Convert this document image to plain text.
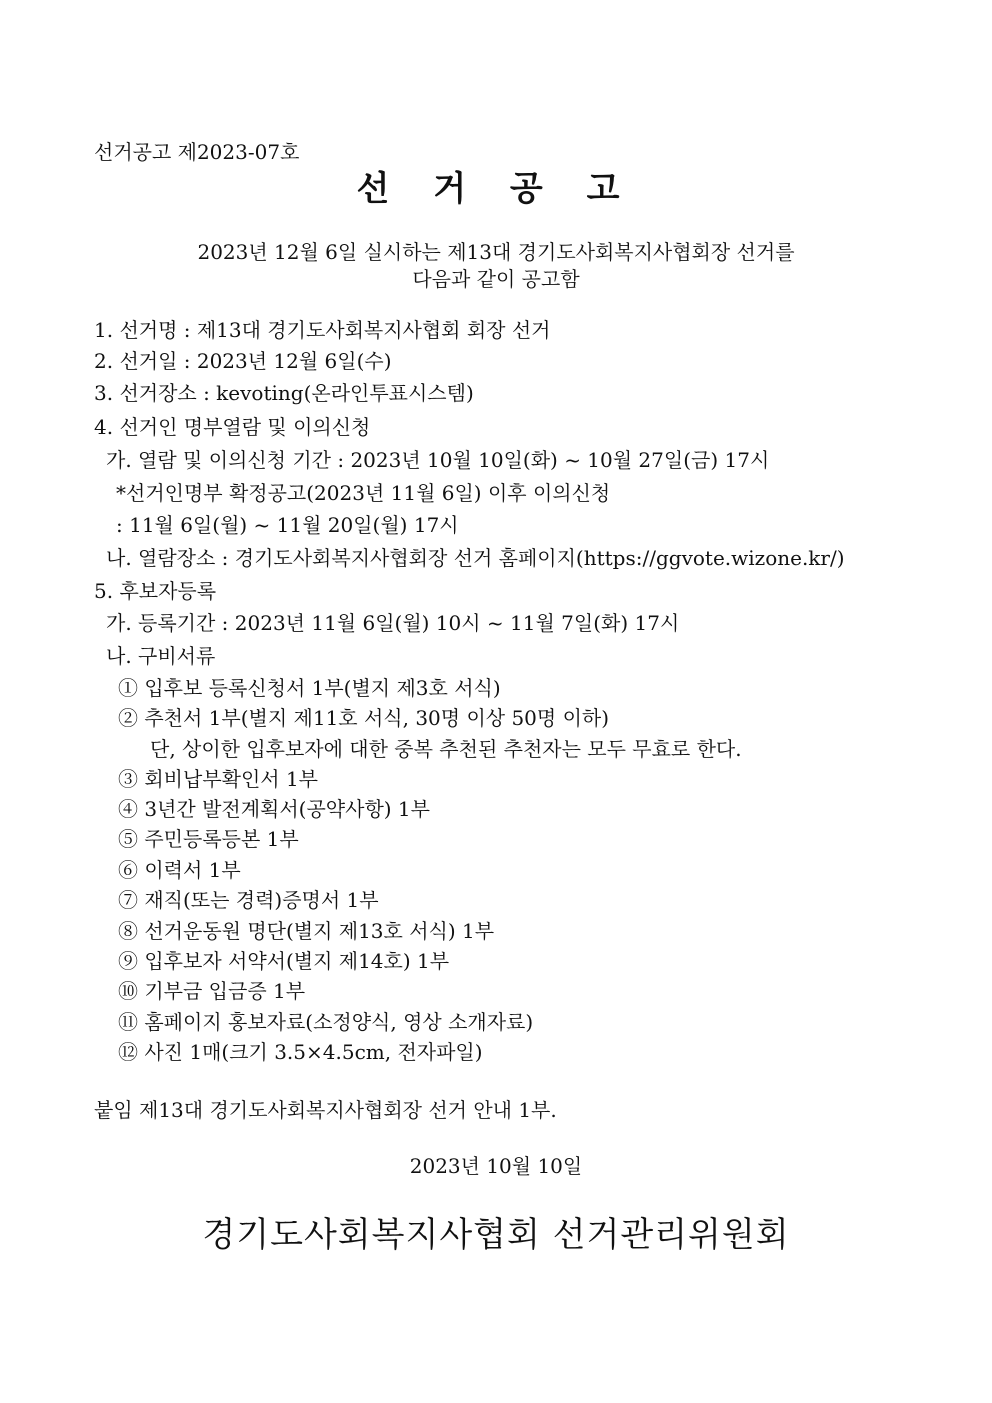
선거공고 제2023-07호
선 거 공 고
2023년 12월 6일 실시하는 제13대 경기도사회복지사협회장 선거를
다음과 같이 공고함
1. 선거명 : 제13대 경기도사회복지사협회 회장 선거
2. 선거일 : 2023년 12월 6일(수)
3. 선거장소 : kevoting(온라인투표시스템)
4. 선거인 명부열람 및 이의신청
가. 열람 및 이의신청 기간 : 2023년 10월 10일(화) ~ 10월 27일(금) 17시
*선거인명부 확정공고(2023년 11월 6일) 이후 이의신청
: 11월 6일(월) ~ 11월 20일(월) 17시
나. 열람장소 : 경기도사회복지사협회장 선거 홈페이지(https://ggvote.wizone.kr/)
5. 후보자등록
가. 등록기간 : 2023년 11월 6일(월) 10시 ~ 11월 7일(화) 17시
나. 구비서류
① 입후보 등록신청서 1부(별지 제3호 서식)
② 추천서 1부(별지 제11호 서식, 30명 이상 50명 이하)
단, 상이한 입후보자에 대한 중복 추천된 추천자는 모두 무효로 한다.
③ 회비납부확인서 1부
④ 3년간 발전계획서(공약사항) 1부
⑤ 주민등록등본 1부
⑥ 이력서 1부
⑦ 재직(또는 경력)증명서 1부
⑧ 선거운동원 명단(별지 제13호 서식) 1부
⑨ 입후보자 서약서(별지 제14호) 1부
⑩ 기부금 입금증 1부
⑪ 홈페이지 홍보자료(소정양식, 영상 소개자료)
⑫ 사진 1매(크기 3.5×4.5cm, 전자파일)
붙임 제13대 경기도사회복지사협회장 선거 안내 1부.
2023년 10월 10일
경기도사회복지사협회 선거관리위원회
